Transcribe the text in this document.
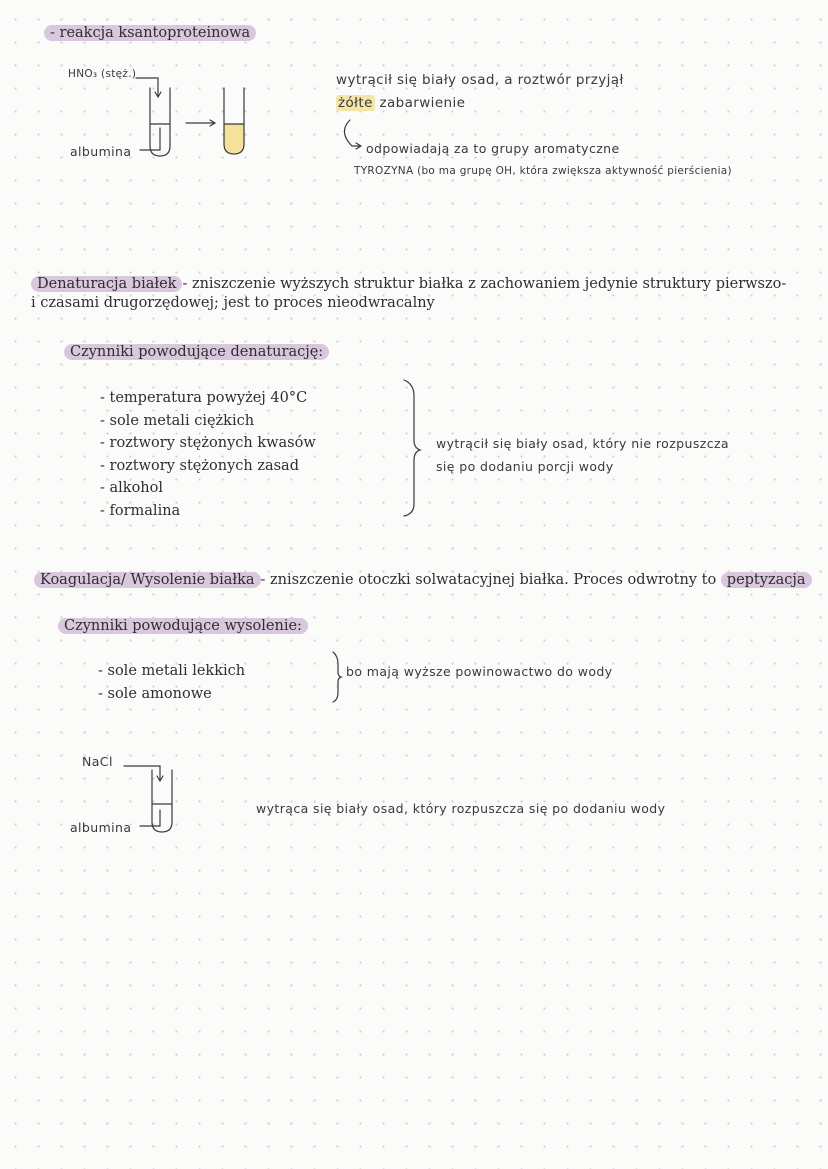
- reakcja ksantoproteinowa
HNO₃ (stęż.)
albumina
wytrącił się biały osad, a roztwór przyjął
żółte zabarwienie
odpowiadają za to grupy aromatyczne
TYROZYNA (bo ma grupę OH, która zwiększa aktywność pierścienia)
Denaturacja białek - zniszczenie wyższych struktur białka z zachowaniem jedynie struktury pierwszo-
i czasami drugorzędowej; jest to proces nieodwracalny
Czynniki powodujące denaturację:
- temperatura powyżej 40°C
- sole metali ciężkich
- roztwory stężonych kwasów
- roztwory stężonych zasad
- alkohol
- formalina
wytrącił się biały osad, który nie rozpuszcza
się po dodaniu porcji wody
Koagulacja/ Wysolenie białka - zniszczenie otoczki solwatacyjnej białka. Proces odwrotny to peptyzacja
Czynniki powodujące wysolenie:
- sole metali lekkich
- sole amonowe
bo mają wyższe powinowactwo do wody
NaCl
albumina
wytrąca się biały osad, który rozpuszcza się po dodaniu wody
